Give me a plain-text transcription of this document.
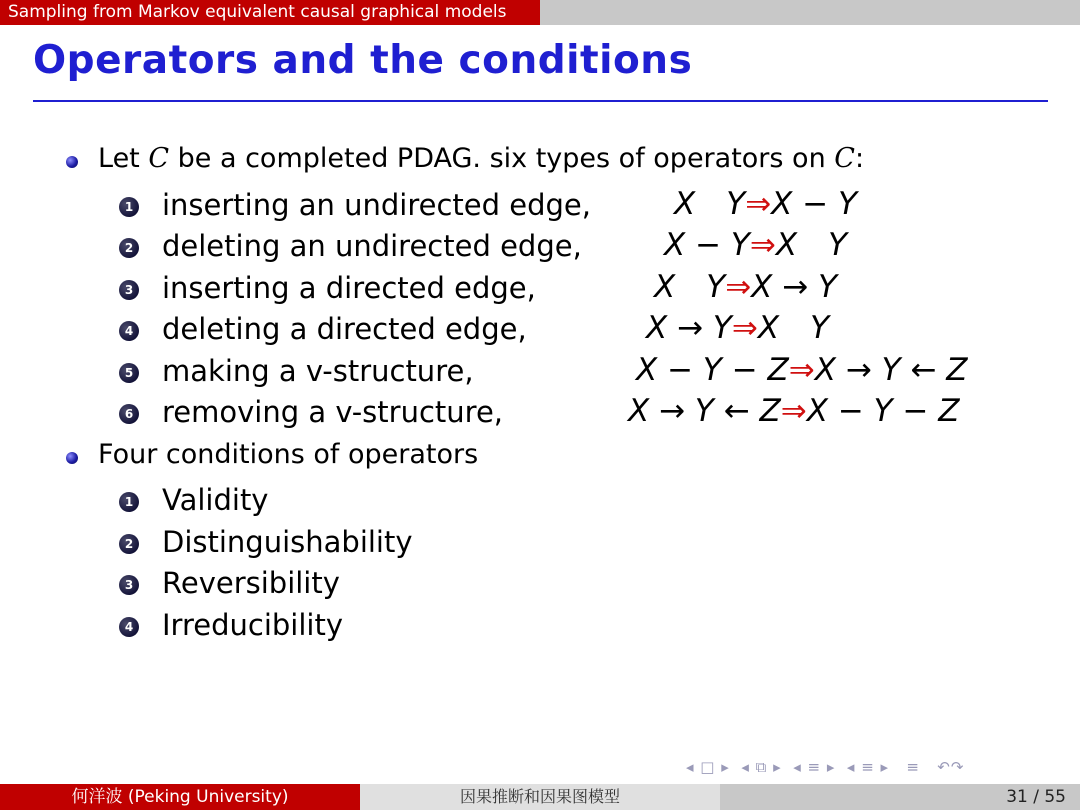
Sampling from Markov equivalent causal graphical models
Operators and the conditions
Let C be a completed PDAG. six types of operators on C:
1 inserting an undirected edge,	X Y⇒X − Y
2 deleting an undirected edge,	X − Y⇒X Y
3 inserting a directed edge,	X Y⇒X → Y
4 deleting a directed edge,	X → Y⇒X Y
5 making a v-structure,	X − Y − Z⇒X → Y ← Z
6 removing a v-structure,	X → Y ← Z⇒X − Y − Z
Four conditions of operators
1 Validity
2 Distinguishability
3 Reversibility
4 Irreducibility
◂ □ ▸  ◂ ⧉ ▸  ◂ ≡ ▸  ◂ ≡ ▸   ≡   ↶↷
何洋波 (Peking University)	因果推断和因果图模型	31 / 55
